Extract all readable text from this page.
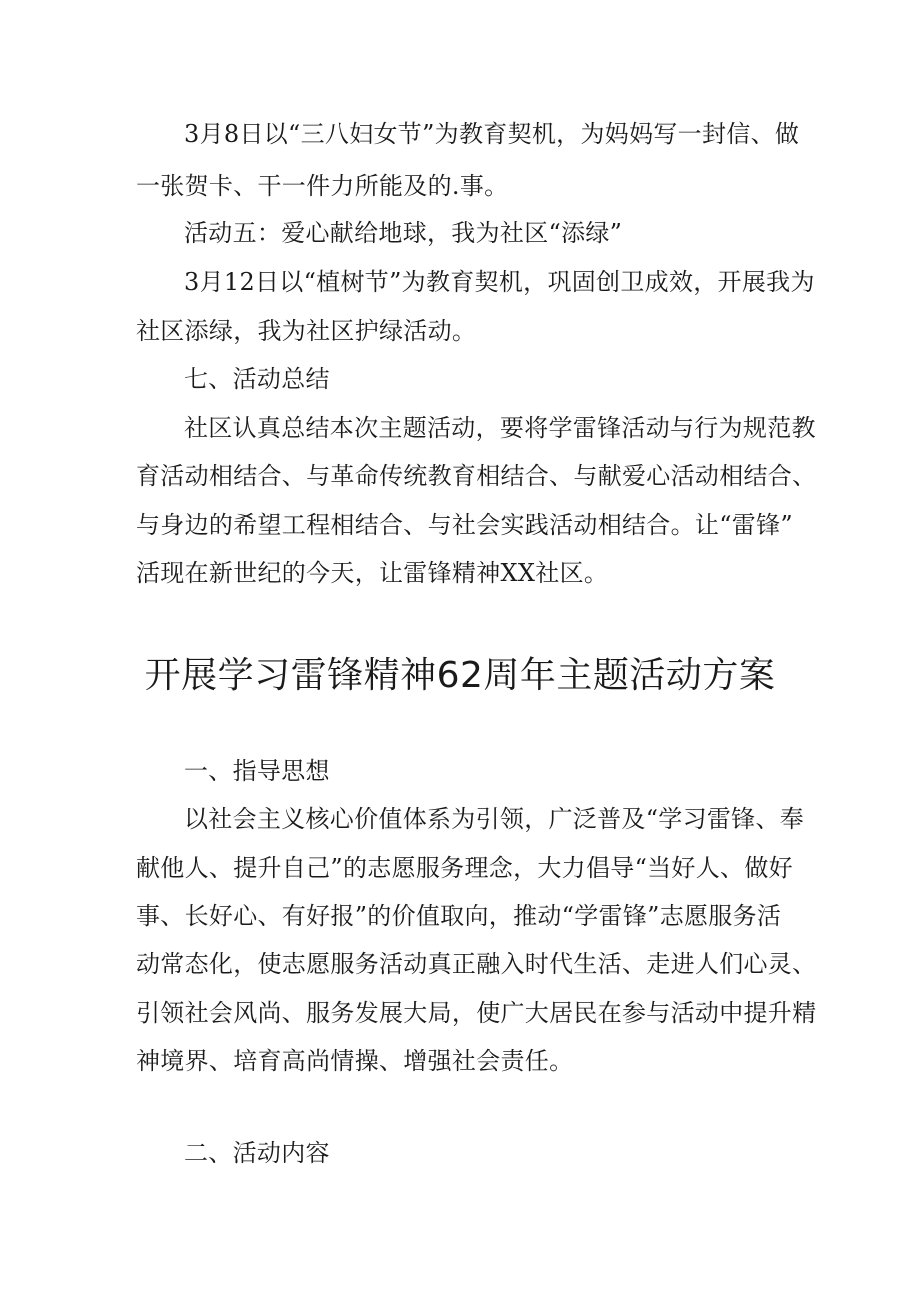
3月8日以“三八妇女节”为教育契机，为妈妈写一封信、做
一张贺卡、干一件力所能及的.事。
活动五：爱心献给地球，我为社区“添绿”
3月12日以“植树节”为教育契机，巩固创卫成效，开展我为
社区添绿，我为社区护绿活动。
七、活动总结
社区认真总结本次主题活动，要将学雷锋活动与行为规范教
育活动相结合、与革命传统教育相结合、与献爱心活动相结合、
与身边的希望工程相结合、与社会实践活动相结合。让“雷锋”
活现在新世纪的今天，让雷锋精神XX社区。
开展学习雷锋精神62周年主题活动方案
一、指导思想
以社会主义核心价值体系为引领，广泛普及“学习雷锋、奉
献他人、提升自己”的志愿服务理念，大力倡导“当好人、做好
事、长好心、有好报”的价值取向，推动“学雷锋”志愿服务活
动常态化，使志愿服务活动真正融入时代生活、走进人们心灵、
引领社会风尚、服务发展大局，使广大居民在参与活动中提升精
神境界、培育高尚情操、增强社会责任。
二、活动内容
